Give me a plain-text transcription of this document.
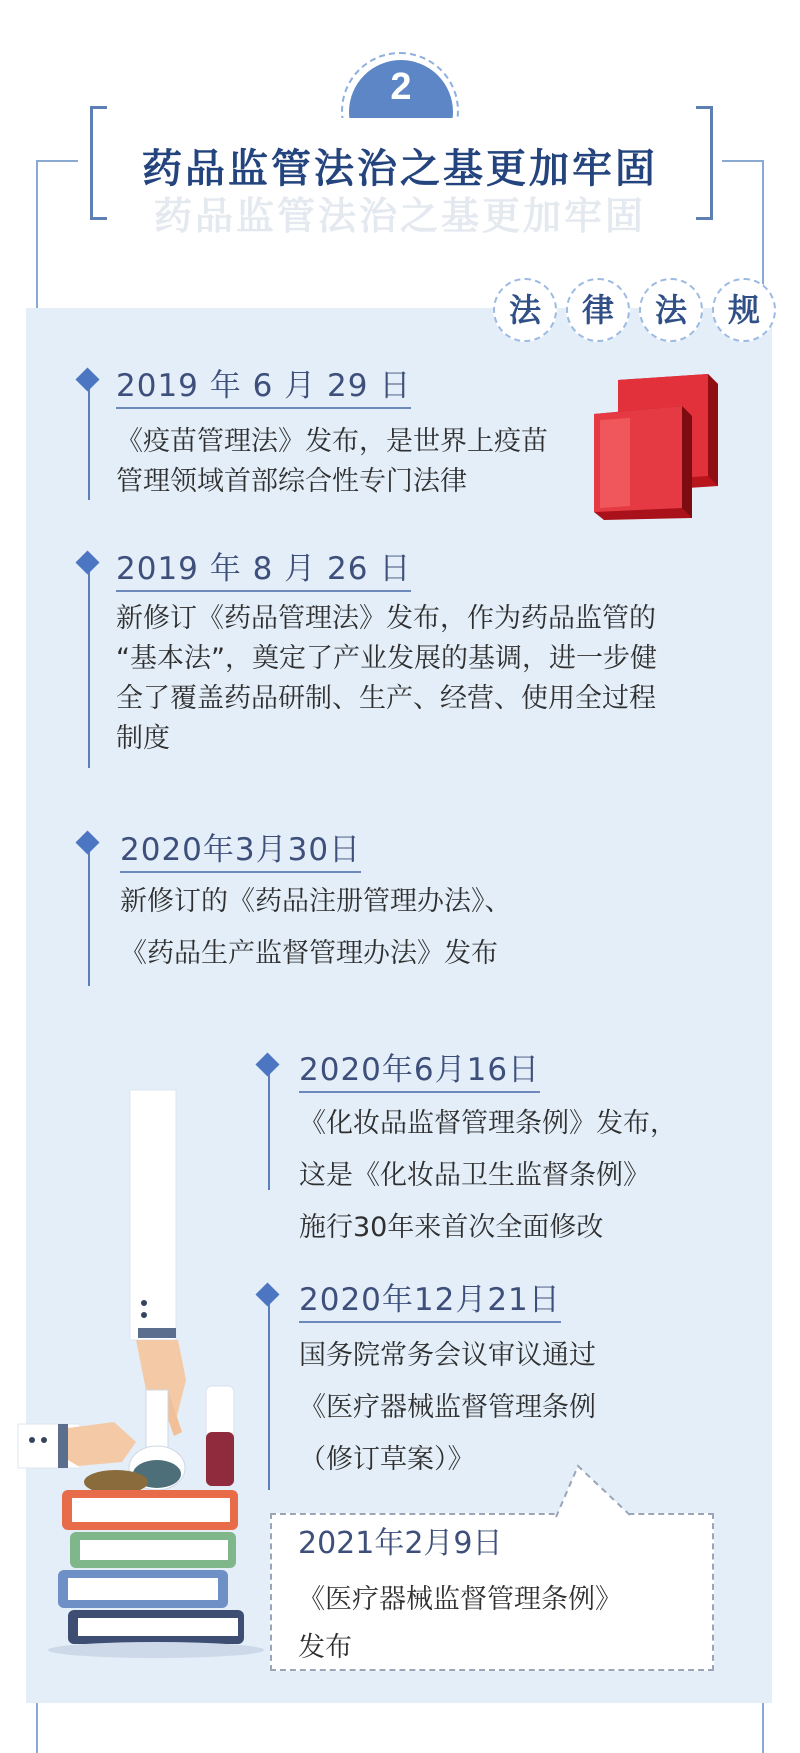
2
药品监管法治之基更加牢固
药品监管法治之基更加牢固
法	律	法	规
2019 年 6 月 29 日
《疫苗管理法》发布，是世界上疫苗
管理领域首部综合性专门法律
2019 年 8 月 26 日
新修订《药品管理法》发布，作为药品监管的
“基本法”，奠定了产业发展的基调，进一步健
全了覆盖药品研制、生产、经营、使用全过程
制度
2020年3月30日
新修订的《药品注册管理办法》、
《药品生产监督管理办法》发布
2020年6月16日
《化妆品监督管理条例》发布，
这是《化妆品卫生监督条例》
施行30年来首次全面修改
2020年12月21日
国务院常务会议审议通过
《医疗器械监督管理条例
（修订草案）》
2021年2月9日
《医疗器械监督管理条例》
发布
